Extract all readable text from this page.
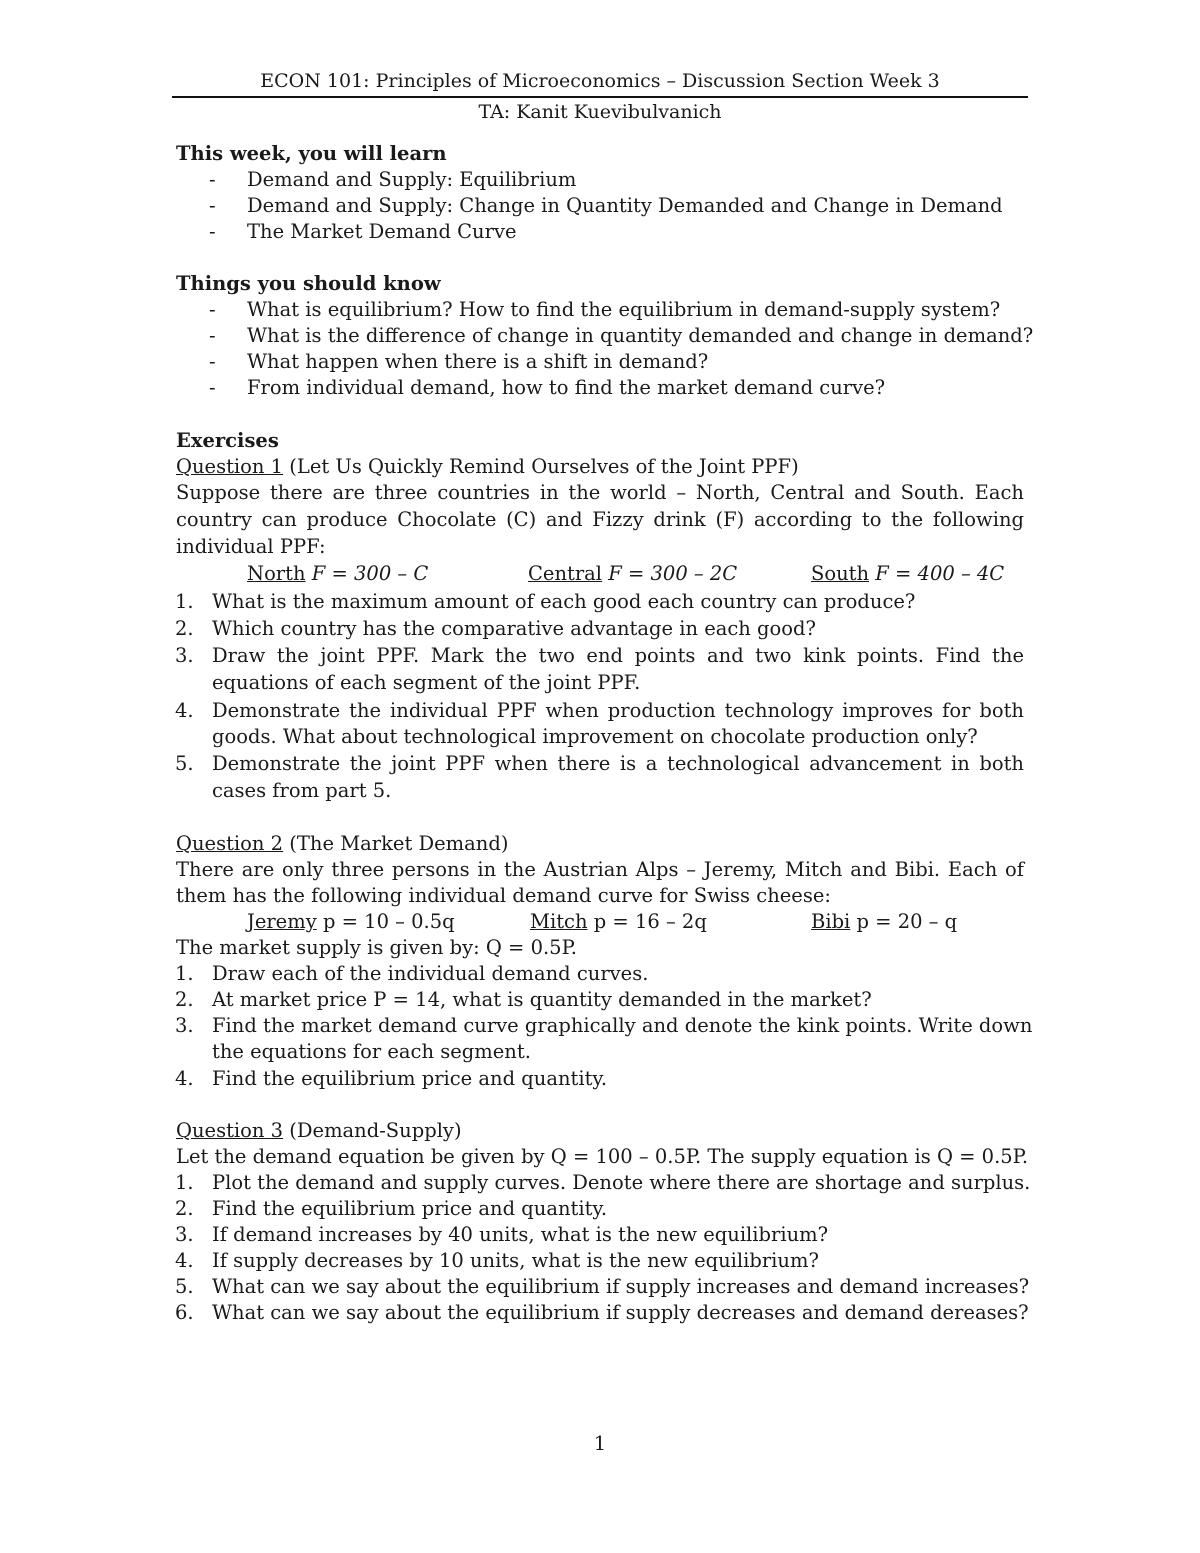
ECON 101: Principles of Microeconomics – Discussion Section Week 3
TA: Kanit Kuevibulvanich
This week, you will learn
- Demand and Supply: Equilibrium
- Demand and Supply: Change in Quantity Demanded and Change in Demand
- The Market Demand Curve
Things you should know
- What is equilibrium? How to find the equilibrium in demand-supply system?
- What is the difference of change in quantity demanded and change in demand?
- What happen when there is a shift in demand?
- From individual demand, how to find the market demand curve?
Exercises
Question 1 (Let Us Quickly Remind Ourselves of the Joint PPF)
Suppose there are three countries in the world – North, Central and South. Each
country can produce Chocolate (C) and Fizzy drink (F) according to the following
individual PPF:
North F = 300 – C	Central F = 300 – 2C	South F = 400 – 4C
1. What is the maximum amount of each good each country can produce?
2. Which country has the comparative advantage in each good?
3. Draw the joint PPF. Mark the two end points and two kink points. Find the
equations of each segment of the joint PPF.
4. Demonstrate the individual PPF when production technology improves for both
goods. What about technological improvement on chocolate production only?
5. Demonstrate the joint PPF when there is a technological advancement in both
cases from part 5.
Question 2 (The Market Demand)
There are only three persons in the Austrian Alps – Jeremy, Mitch and Bibi. Each of
them has the following individual demand curve for Swiss cheese:
Jeremy p = 10 – 0.5q	Mitch p = 16 – 2q	Bibi p = 20 – q
The market supply is given by: Q = 0.5P.
1. Draw each of the individual demand curves.
2. At market price P = 14, what is quantity demanded in the market?
3. Find the market demand curve graphically and denote the kink points. Write down
the equations for each segment.
4. Find the equilibrium price and quantity.
Question 3 (Demand-Supply)
Let the demand equation be given by Q = 100 – 0.5P. The supply equation is Q = 0.5P.
1. Plot the demand and supply curves. Denote where there are shortage and surplus.
2. Find the equilibrium price and quantity.
3. If demand increases by 40 units, what is the new equilibrium?
4. If supply decreases by 10 units, what is the new equilibrium?
5. What can we say about the equilibrium if supply increases and demand increases?
6. What can we say about the equilibrium if supply decreases and demand dereases?
1
